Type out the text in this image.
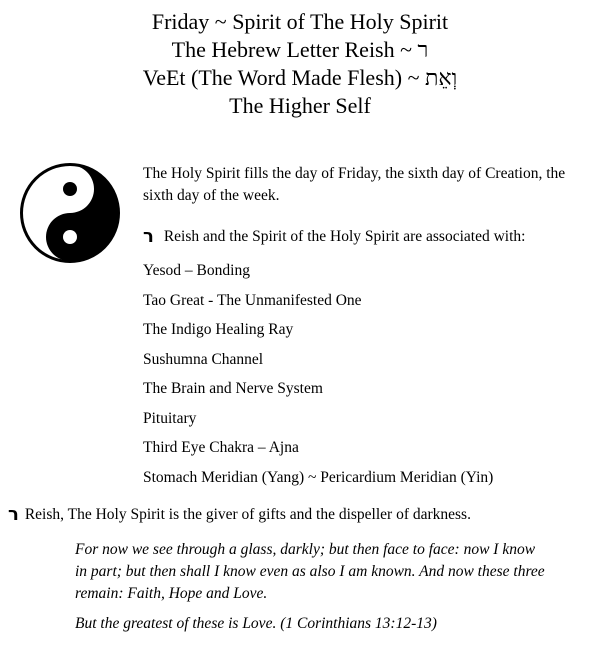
Friday ~ Spirit of The Holy Spirit
The Hebrew Letter Reish ~ ר
VeEt (The Word Made Flesh) ~ וְאֵת
The Higher Self
The Holy Spirit fills the day of Friday, the sixth day of Creation, the sixth day of the week.
ר Reish and the Spirit of the Holy Spirit are associated with:
Yesod – Bonding
Tao Great - The Unmanifested One
The Indigo Healing Ray
Sushumna Channel
The Brain and Nerve System
Pituitary
Third Eye Chakra – Ajna
Stomach Meridian (Yang) ~ Pericardium Meridian (Yin)
ר Reish, The Holy Spirit is the giver of gifts and the dispeller of darkness.
For now we see through a glass, darkly; but then face to face: now I know in part; but then shall I know even as also I am known. And now these three remain: Faith, Hope and Love.
But the greatest of these is Love. (1 Corinthians 13:12-13)
